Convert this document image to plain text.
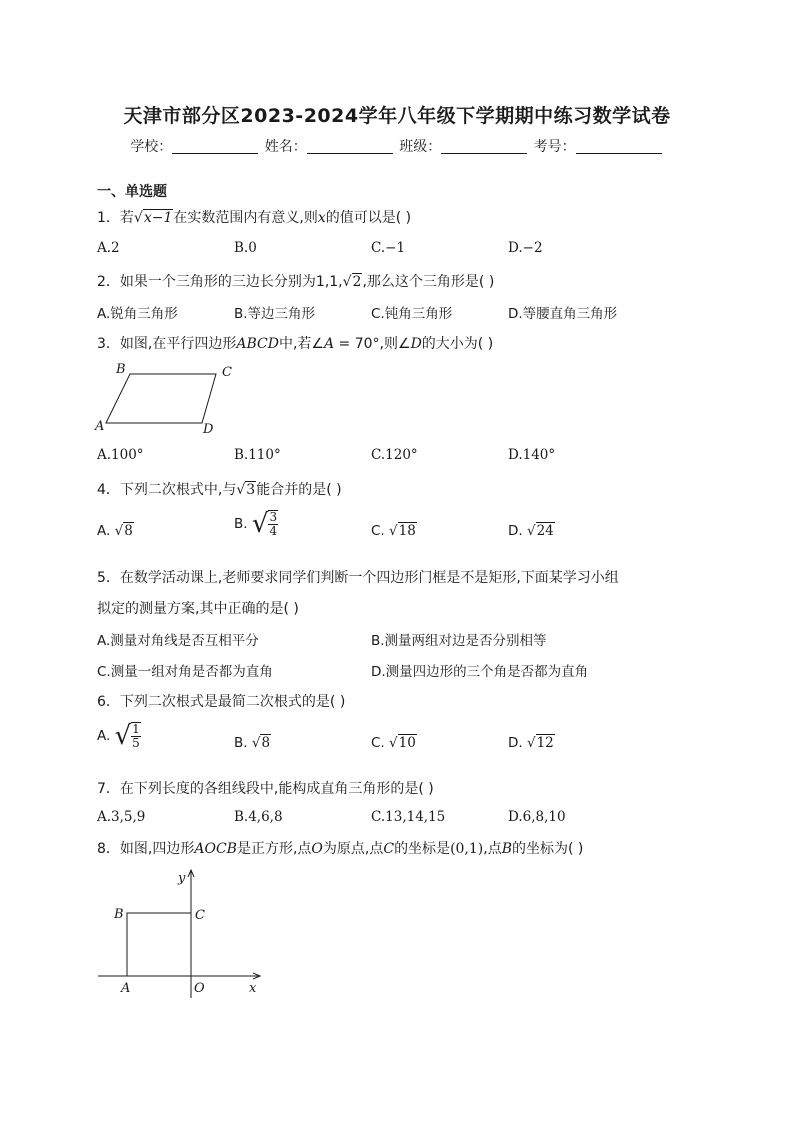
天津市部分区2023-2024学年八年级下学期期中练习数学试卷
学校：	姓名：	班级：	考号：
一、单选题
1．若√x−1在实数范围内有意义,则x的值可以是( )
A.2	B.0	C.−1	D.−2
2．如果一个三角形的三边长分别为1,1,√2,那么这个三角形是( )
A.锐角三角形	B.等边三角形	C.钝角三角形	D.等腰直角三角形
3．如图,在平行四边形ABCD中,若∠A = 70°,则∠D的大小为( )
B	C
A	D
A.100°	B.110°	C.120°	D.140°
4．下列二次根式中,与√3能合并的是( )
A. √8	B. √ $\frac{3}{4}$	C. √18	D. √24
5．在数学活动课上,老师要求同学们判断一个四边形门框是不是矩形,下面某学习小组
拟定的测量方案,其中正确的是( )
A.测量对角线是否互相平分	B.测量两组对边是否分别相等
C.测量一组对角是否都为直角	D.测量四边形的三个角是否都为直角
6．下列二次根式是最简二次根式的是( )
A. √ $\frac{1}{5}$	B. √8	C. √10	D. √12
7．在下列长度的各组线段中,能构成直角三角形的是( )
A.3,5,9	B.4,6,8	C.13,14,15	D.6,8,10
8．如图,四边形AOCB是正方形,点O为原点,点C的坐标是(0,1),点B的坐标为( )
y
x
B	C
A	O
